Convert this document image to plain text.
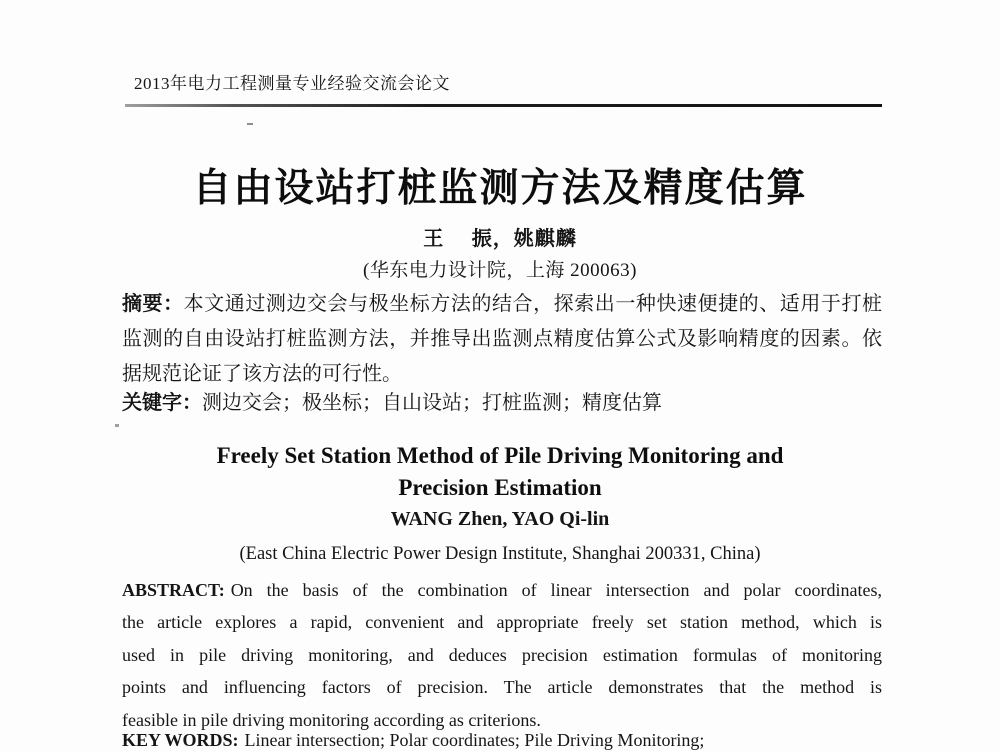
2013年电力工程测量专业经验交流会论文
自由设站打桩监测方法及精度估算
王　 振，姚麒麟
(华东电力设计院，上海 200063)
摘要：本文通过测边交会与极坐标方法的结合，探索出一种快速便捷的、适用于打桩
监测的自由设站打桩监测方法，并推导出监测点精度估算公式及影响精度的因素。依
据规范论证了该方法的可行性。
关键字：测边交会；极坐标；自山设站；打桩监测；精度估算
Freely Set Station Method of Pile Driving Monitoring and
Precision Estimation
WANG Zhen, YAO Qi-lin
(East China Electric Power Design Institute, Shanghai 200331, China)
ABSTRACT: On the basis of the combination of linear intersection and polar coordinates,
the article explores a rapid, convenient and appropriate freely set station method, which is
used in pile driving monitoring, and deduces precision estimation formulas of monitoring
points and influencing factors of precision. The article demonstrates that the method is
feasible in pile driving monitoring according as criterions.
KEY WORDS: Linear intersection; Polar coordinates; Pile Driving Monitoring;
